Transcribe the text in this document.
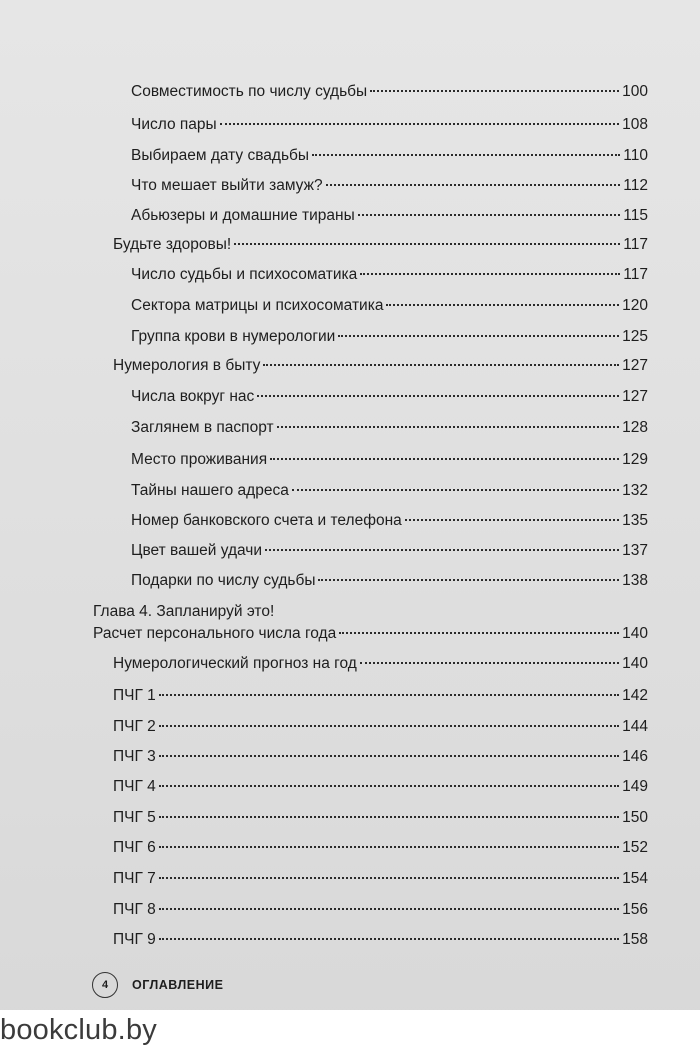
Совместимость по числу судьбы	100
Число пары	108
Выбираем дату свадьбы	110
Что мешает выйти замуж?	112
Абьюзеры и домашние тираны	115
Будьте здоровы!	117
Число судьбы и психосоматика	117
Сектора матрицы и психосоматика	120
Группа крови в нумерологии	125
Нумерология в быту	127
Числа вокруг нас	127
Заглянем в паспорт	128
Место проживания	129
Тайны нашего адреса	132
Номер банковского счета и телефона	135
Цвет вашей удачи	137
Подарки по числу судьбы	138
Глава 4. Запланируй это!
Расчет персонального числа года	140
Нумерологический прогноз на год	140
ПЧГ 1	142
ПЧГ 2	144
ПЧГ 3	146
ПЧГ 4	149
ПЧГ 5	150
ПЧГ 6	152
ПЧГ 7	154
ПЧГ 8	156
ПЧГ 9	158
4	ОГЛАВЛЕНИЕ
bookclub.by
